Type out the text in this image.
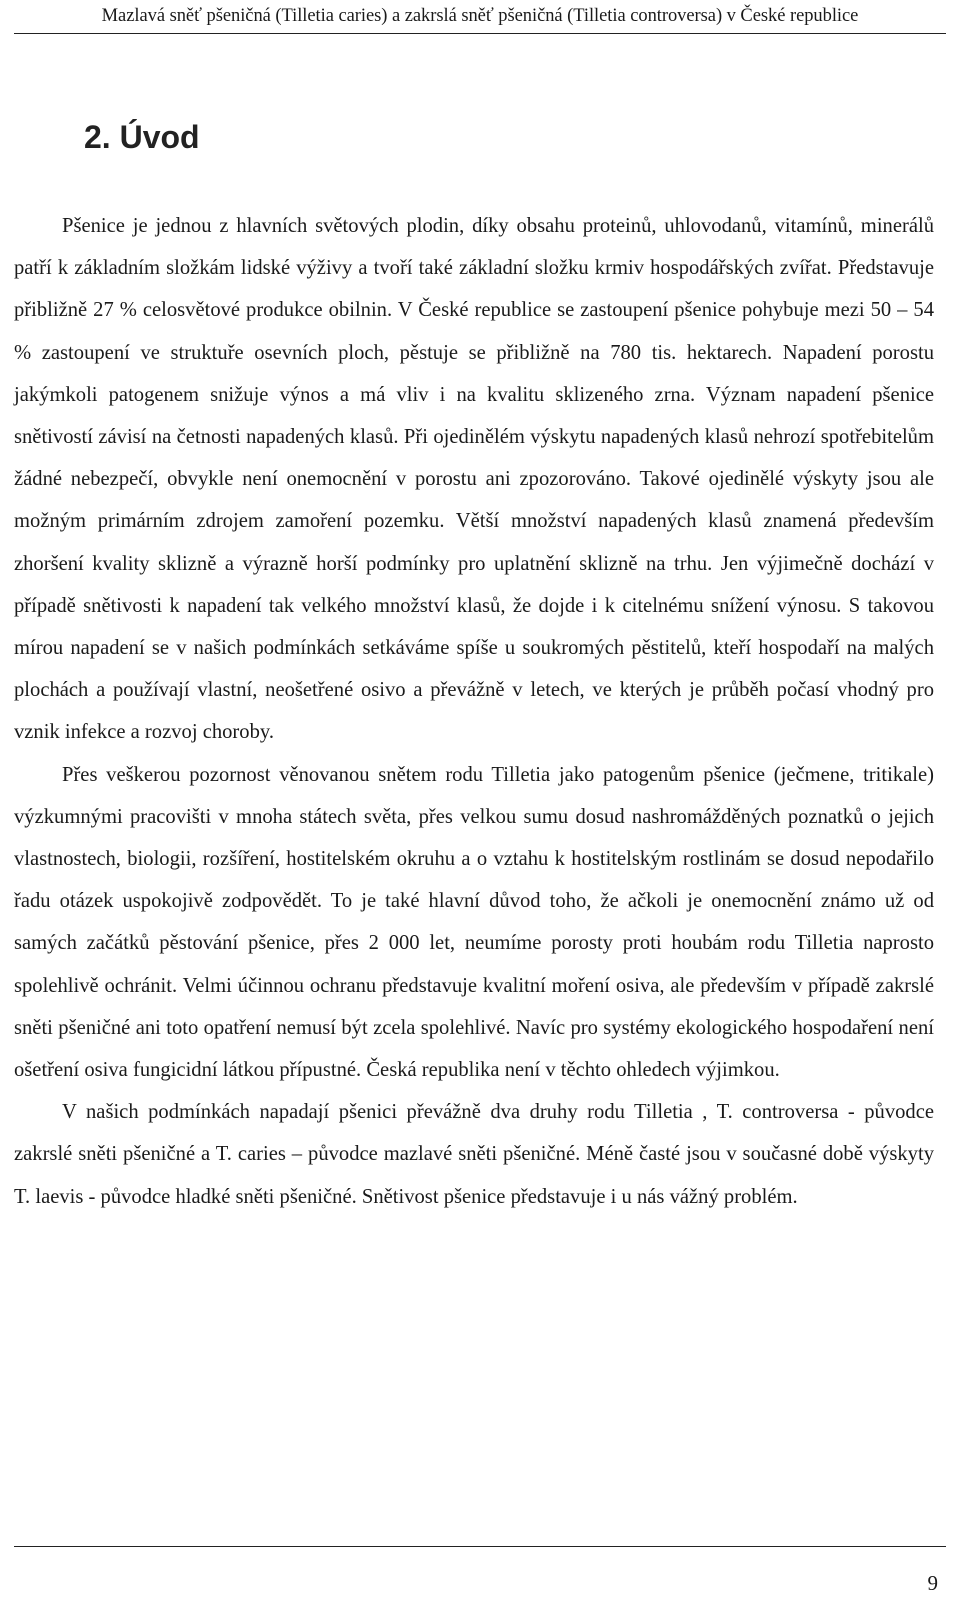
Mazlavá sněť pšeničná (Tilletia caries) a zakrslá sněť pšeničná (Tilletia controversa) v České republice
2. Úvod

Pšenice je jednou z hlavních světových plodin, díky obsahu proteinů, uhlovodanů, vitamínů, minerálů patří k základním složkám lidské výživy a tvoří také základní složku krmiv hospodářských zvířat. Představuje přibližně 27 % celosvětové produkce obilnin. V České republice se zastoupení pšenice pohybuje mezi 50 – 54 % zastoupení ve struktuře osevních ploch, pěstuje se přibližně na 780 tis. hektarech. Napadení porostu jakýmkoli patogenem snižuje výnos a má vliv i na kvalitu sklizeného zrna. Význam napadení pšenice snětivostí závisí na četnosti napadených klasů. Při ojedinělém výskytu napadených klasů nehrozí spotřebitelům žádné nebezpečí, obvykle není onemocnění v porostu ani zpozorováno. Takové ojedinělé výskyty jsou ale možným primárním zdrojem zamoření pozemku. Větší množství napadených klasů znamená především zhoršení kvality sklizně a výrazně horší podmínky pro uplatnění sklizně na trhu. Jen výjimečně dochází v případě snětivosti k napadení tak velkého množství klasů, že dojde i k citelnému snížení výnosu. S takovou mírou napadení se v našich podmínkách setkáváme spíše u soukromých pěstitelů, kteří hospodaří na malých plochách a používají vlastní, neošetřené osivo a převážně v letech, ve kterých je průběh počasí vhodný pro vznik infekce a rozvoj choroby.

Přes veškerou pozornost věnovanou snětem rodu Tilletia jako patogenům pšenice (ječmene, tritikale) výzkumnými pracovišti v mnoha státech světa, přes velkou sumu dosud nashromážděných poznatků o jejich vlastnostech, biologii, rozšíření, hostitelském okruhu a o vztahu k hostitelským rostlinám se dosud nepodařilo řadu otázek uspokojivě zodpovědět. To je také hlavní důvod toho, že ačkoli je onemocnění známo už od samých začátků pěstování pšenice, přes 2 000 let, neumíme porosty proti houbám rodu Tilletia naprosto spolehlivě ochránit. Velmi účinnou ochranu představuje kvalitní moření osiva, ale především v případě zakrslé sněti pšeničné ani toto opatření nemusí být zcela spolehlivé. Navíc pro systémy ekologického hospodaření není ošetření osiva fungicidní látkou přípustné. Česká republika není v těchto ohledech výjimkou.

V našich podmínkách napadají pšenici převážně dva druhy rodu Tilletia , T. controversa - původce zakrslé sněti pšeničné a T. caries – původce mazlavé sněti pšeničné. Méně časté jsou v současné době výskyty T. laevis - původce hladké sněti pšeničné. Snětivost pšenice představuje i u nás vážný problém.

9
